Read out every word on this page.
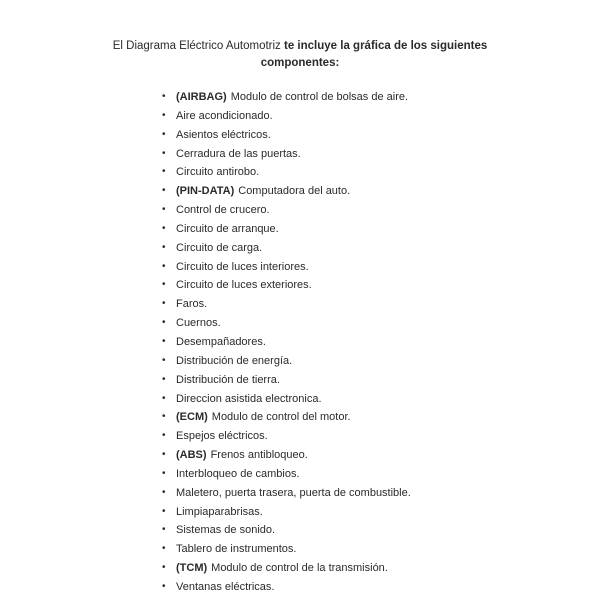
El Diagrama Eléctrico Automotriz te incluye la gráfica de los siguientes componentes:
• (AIRBAG) Modulo de control de bolsas de aire.
• Aire acondicionado.
• Asientos eléctricos.
• Cerradura de las puertas.
• Circuito antirobo.
• (PIN-DATA) Computadora del auto.
• Control de crucero.
• Circuito de arranque.
• Circuito de carga.
• Circuito de luces interiores.
• Circuito de luces exteriores.
• Faros.
• Cuernos.
• Desempañadores.
• Distribución de energía.
• Distribución de tierra.
• Direccion asistida electronica.
• (ECM) Modulo de control del motor.
• Espejos eléctricos.
• (ABS) Frenos antibloqueo.
• Interbloqueo de cambios.
• Maletero, puerta trasera, puerta de combustible.
• Limpiaparabrisas.
• Sistemas de sonido.
• Tablero de instrumentos.
• (TCM) Modulo de control de la transmisión.
• Ventanas eléctricas.
